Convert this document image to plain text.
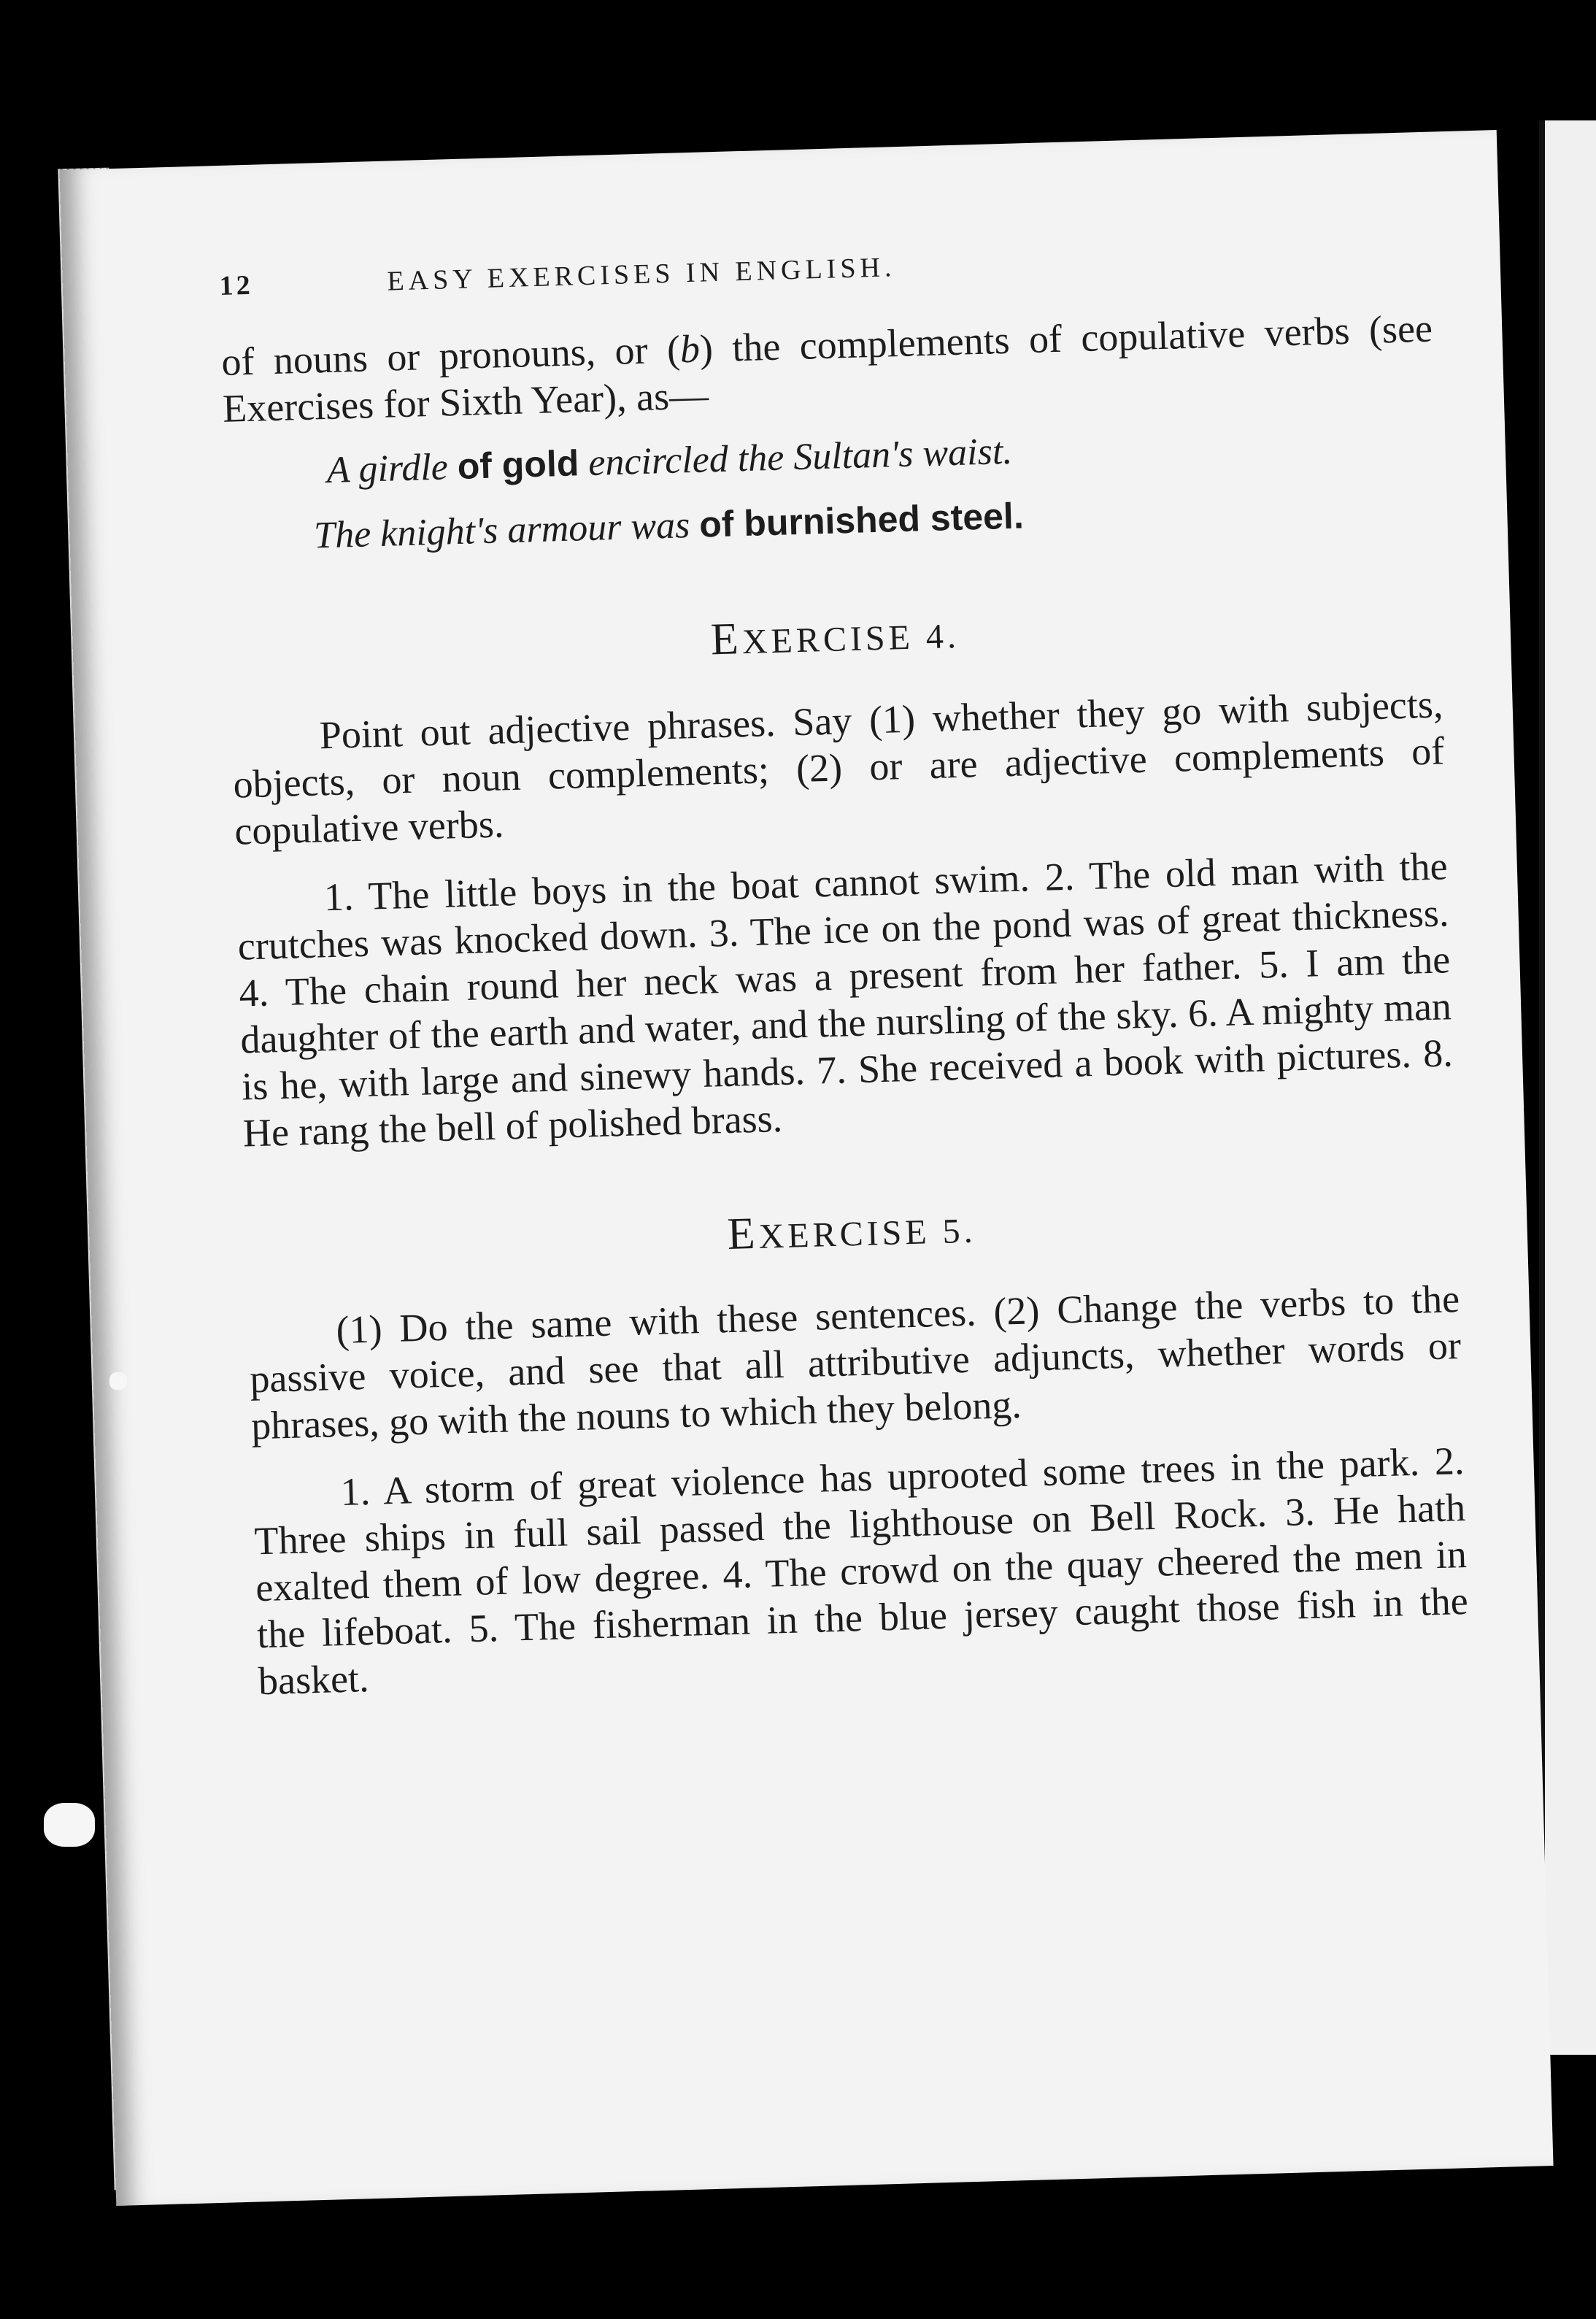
12	EASY EXERCISES IN ENGLISH.

of nouns or pronouns, or (b) the complements of copulative verbs (see Exercises for Sixth Year), as—

A girdle of gold encircled the Sultan's waist.
The knight's armour was of burnished steel.
EXERCISE 4.

Point out adjective phrases. Say (1) whether they go with subjects, objects, or noun complements; (2) or are adjective complements of copulative verbs.

1. The little boys in the boat cannot swim. 2. The old man with the crutches was knocked down. 3. The ice on the pond was of great thickness. 4. The chain round her neck was a present from her father. 5. I am the daughter of the earth and water, and the nursling of the sky. 6. A mighty man is he, with large and sinewy hands. 7. She received a book with pictures. 8. He rang the bell of polished brass.

EXERCISE 5.

(1) Do the same with these sentences. (2) Change the verbs to the passive voice, and see that all attributive adjuncts, whether words or phrases, go with the nouns to which they belong.

1. A storm of great violence has uprooted some trees in the park. 2. Three ships in full sail passed the lighthouse on Bell Rock. 3. He hath exalted them of low degree. 4. The crowd on the quay cheered the men in the lifeboat. 5. The fisherman in the blue jersey caught those fish in the basket.
